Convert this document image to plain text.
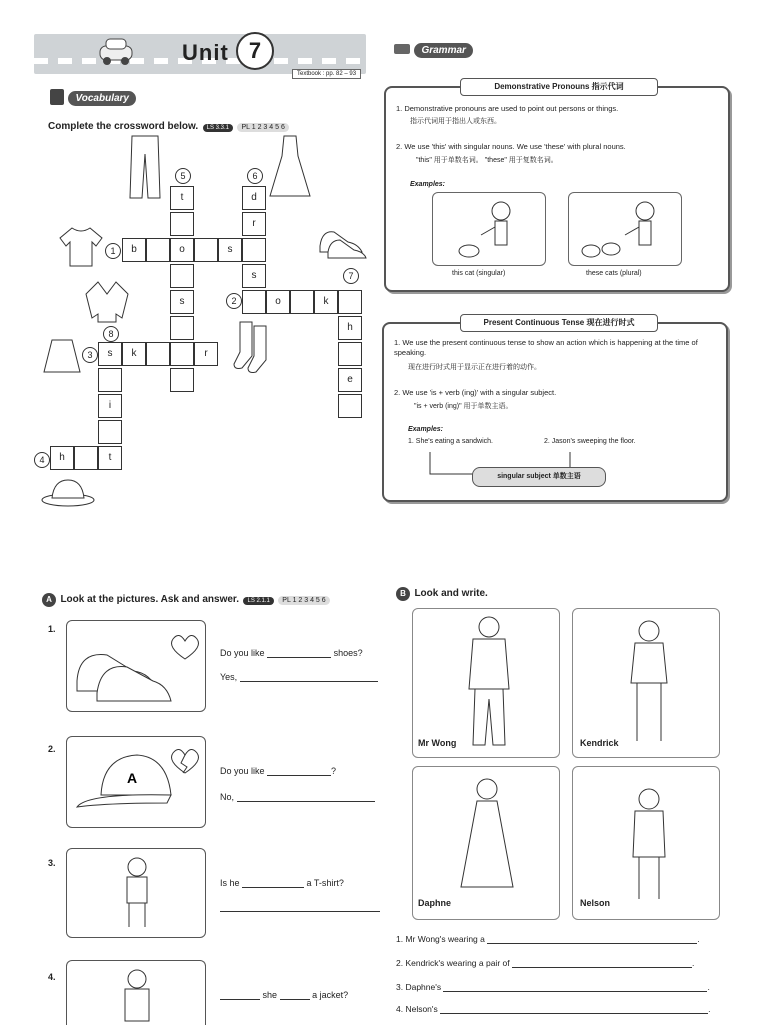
Unit 7
Textbook : pp. 82 – 93
Vocabulary
Complete the crossword below. LS 3.3.1 PL 1 2 3 4 5 6
b	o	s
t
s
d
r
s
o	k
h
e
s	k	r
i
t
h
1
2
3
4
5	6
7
8
Grammar
Demonstrative Pronouns 指示代词
1. Demonstrative pronouns are used to point out persons or things.
指示代词用于指出人或东西。
2. We use 'this' with singular nouns. We use 'these' with plural nouns.
"this" 用于单数名词。 "these" 用于复数名词。
Examples:
this cat (singular)	these cats (plural)
Present Continuous Tense 现在进行时式
1. We use the present continuous tense to show an action which is happening at the time of speaking.
现在进行时式用于显示正在进行着的动作。
2. We use 'is + verb (ing)' with a singular subject.
"is + verb (ing)" 用于单数主语。
Examples:
1. She's eating a sandwich.	2. Jason's sweeping the floor.
singular subject 单数主语
A Look at the pictures. Ask and answer. LS 2.1.1 PL 1 2 3 4 5 6
1.
Do you like	shoes?
Yes,
2.
A	Do you like	?
No,
3.
Is he	a T-shirt?
4.
she	a jacket?
B Look and write.
Mr Wong	Kendrick
Daphne	Nelson
1. Mr Wong's wearing a	.
2. Kendrick's wearing a pair of	.
3. Daphne's	.
4. Nelson's	.
